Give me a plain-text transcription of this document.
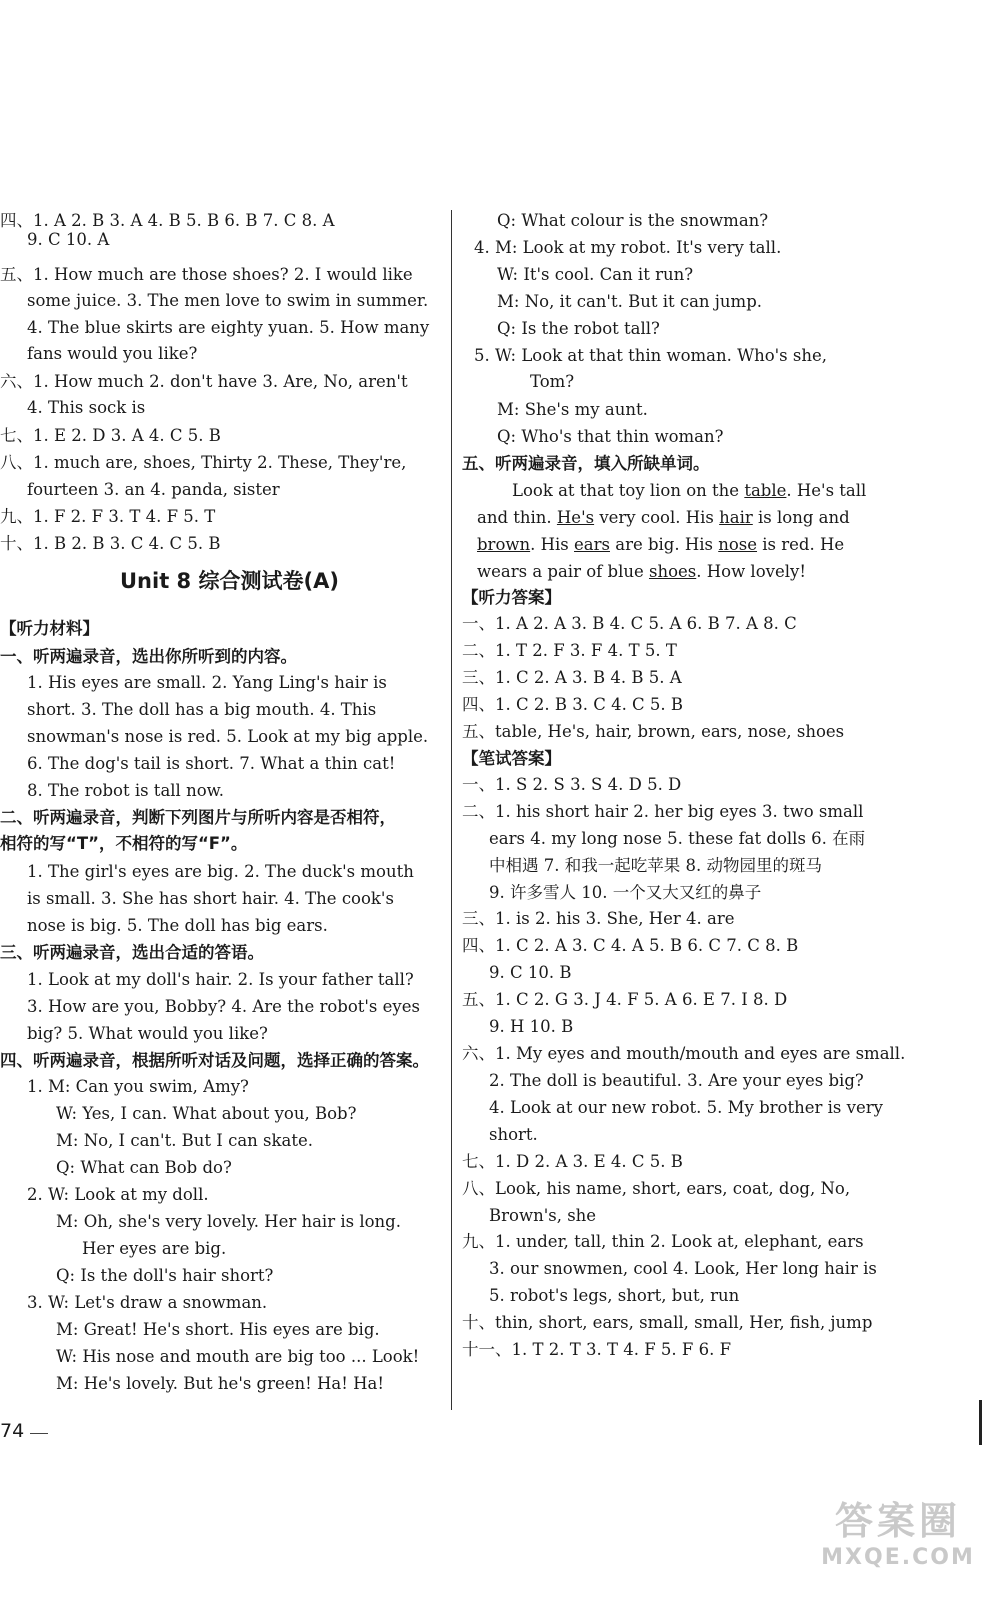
四、1. A 2. B 3. A 4. B 5. B 6. B 7. C 8. A
9. C 10. A
五、1. How much are those shoes? 2. I would like
some juice. 3. The men love to swim in summer.
4. The blue skirts are eighty yuan. 5. How many
fans would you like?
六、1. How much 2. don't have 3. Are, No, aren't
4. This sock is
七、1. E 2. D 3. A 4. C 5. B
八、1. much are, shoes, Thirty 2. These, They're,
fourteen 3. an 4. panda, sister
九、1. F 2. F 3. T 4. F 5. T
十、1. B 2. B 3. C 4. C 5. B
Unit 8 综合测试卷(A)
【听力材料】
一、听两遍录音，选出你所听到的内容。
1. His eyes are small. 2. Yang Ling's hair is
short. 3. The doll has a big mouth. 4. This
snowman's nose is red. 5. Look at my big apple.
6. The dog's tail is short. 7. What a thin cat!
8. The robot is tall now.
二、听两遍录音，判断下列图片与所听内容是否相符，
相符的写“T”，不相符的写“F”。
1. The girl's eyes are big. 2. The duck's mouth
is small. 3. She has short hair. 4. The cook's
nose is big. 5. The doll has big ears.
三、听两遍录音，选出合适的答语。
1. Look at my doll's hair. 2. Is your father tall?
3. How are you, Bobby? 4. Are the robot's eyes
big? 5. What would you like?
四、听两遍录音，根据所听对话及问题，选择正确的答案。
1. M: Can you swim, Amy?
W: Yes, I can. What about you, Bob?
M: No, I can't. But I can skate.
Q: What can Bob do?
2. W: Look at my doll.
M: Oh, she's very lovely. Her hair is long.
Her eyes are big.
Q: Is the doll's hair short?
3. W: Let's draw a snowman.
M: Great! He's short. His eyes are big.
W: His nose and mouth are big too ... Look!
M: He's lovely. But he's green! Ha! Ha!
Q: What colour is the snowman?
4. M: Look at my robot. It's very tall.
W: It's cool. Can it run?
M: No, it can't. But it can jump.
Q: Is the robot tall?
5. W: Look at that thin woman. Who's she,
Tom?
M: She's my aunt.
Q: Who's that thin woman?
五、听两遍录音，填入所缺单词。
Look at that toy lion on the table. He's tall
and thin. He's very cool. His hair is long and
brown. His ears are big. His nose is red. He
wears a pair of blue shoes. How lovely!
【听力答案】
一、1. A 2. A 3. B 4. C 5. A 6. B 7. A 8. C
二、1. T 2. F 3. F 4. T 5. T
三、1. C 2. A 3. B 4. B 5. A
四、1. C 2. B 3. C 4. C 5. B
五、table, He's, hair, brown, ears, nose, shoes
【笔试答案】
一、1. S 2. S 3. S 4. D 5. D
二、1. his short hair 2. her big eyes 3. two small
ears 4. my long nose 5. these fat dolls 6. 在雨
中相遇 7. 和我一起吃苹果 8. 动物园里的斑马
9. 许多雪人 10. 一个又大又红的鼻子
三、1. is 2. his 3. She, Her 4. are
四、1. C 2. A 3. C 4. A 5. B 6. C 7. C 8. B
9. C 10. B
五、1. C 2. G 3. J 4. F 5. A 6. E 7. I 8. D
9. H 10. B
六、1. My eyes and mouth/mouth and eyes are small.
2. The doll is beautiful. 3. Are your eyes big?
4. Look at our new robot. 5. My brother is very
short.
七、1. D 2. A 3. E 4. C 5. B
八、Look, his name, short, ears, coat, dog, No,
Brown's, she
九、1. under, tall, thin 2. Look at, elephant, ears
3. our snowmen, cool 4. Look, Her long hair is
5. robot's legs, short, but, run
十、thin, short, ears, small, small, Her, fish, jump
十一、1. T 2. T 3. T 4. F 5. F 6. F
74
答案圈
MXQE.COM
